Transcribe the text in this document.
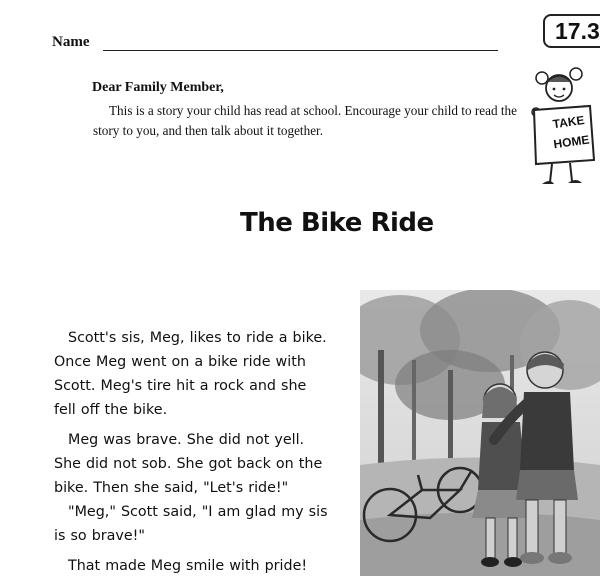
Name	17.3
Dear Family Member,
This is a story your child has read at school. Encourage your child to read the story to you, and then talk about it together.	TAKE
HOME
The Bike Ride
Scott's sis, Meg, likes to ride a bike.
Once Meg went on a bike ride with
Scott. Meg's tire hit a rock and she
fell off the bike.
Meg was brave. She did not yell.
She did not sob. She got back on the
bike. Then she said, "Let's ride!"
"Meg," Scott said, "I am glad my sis
is so brave!"
That made Meg smile with pride!
